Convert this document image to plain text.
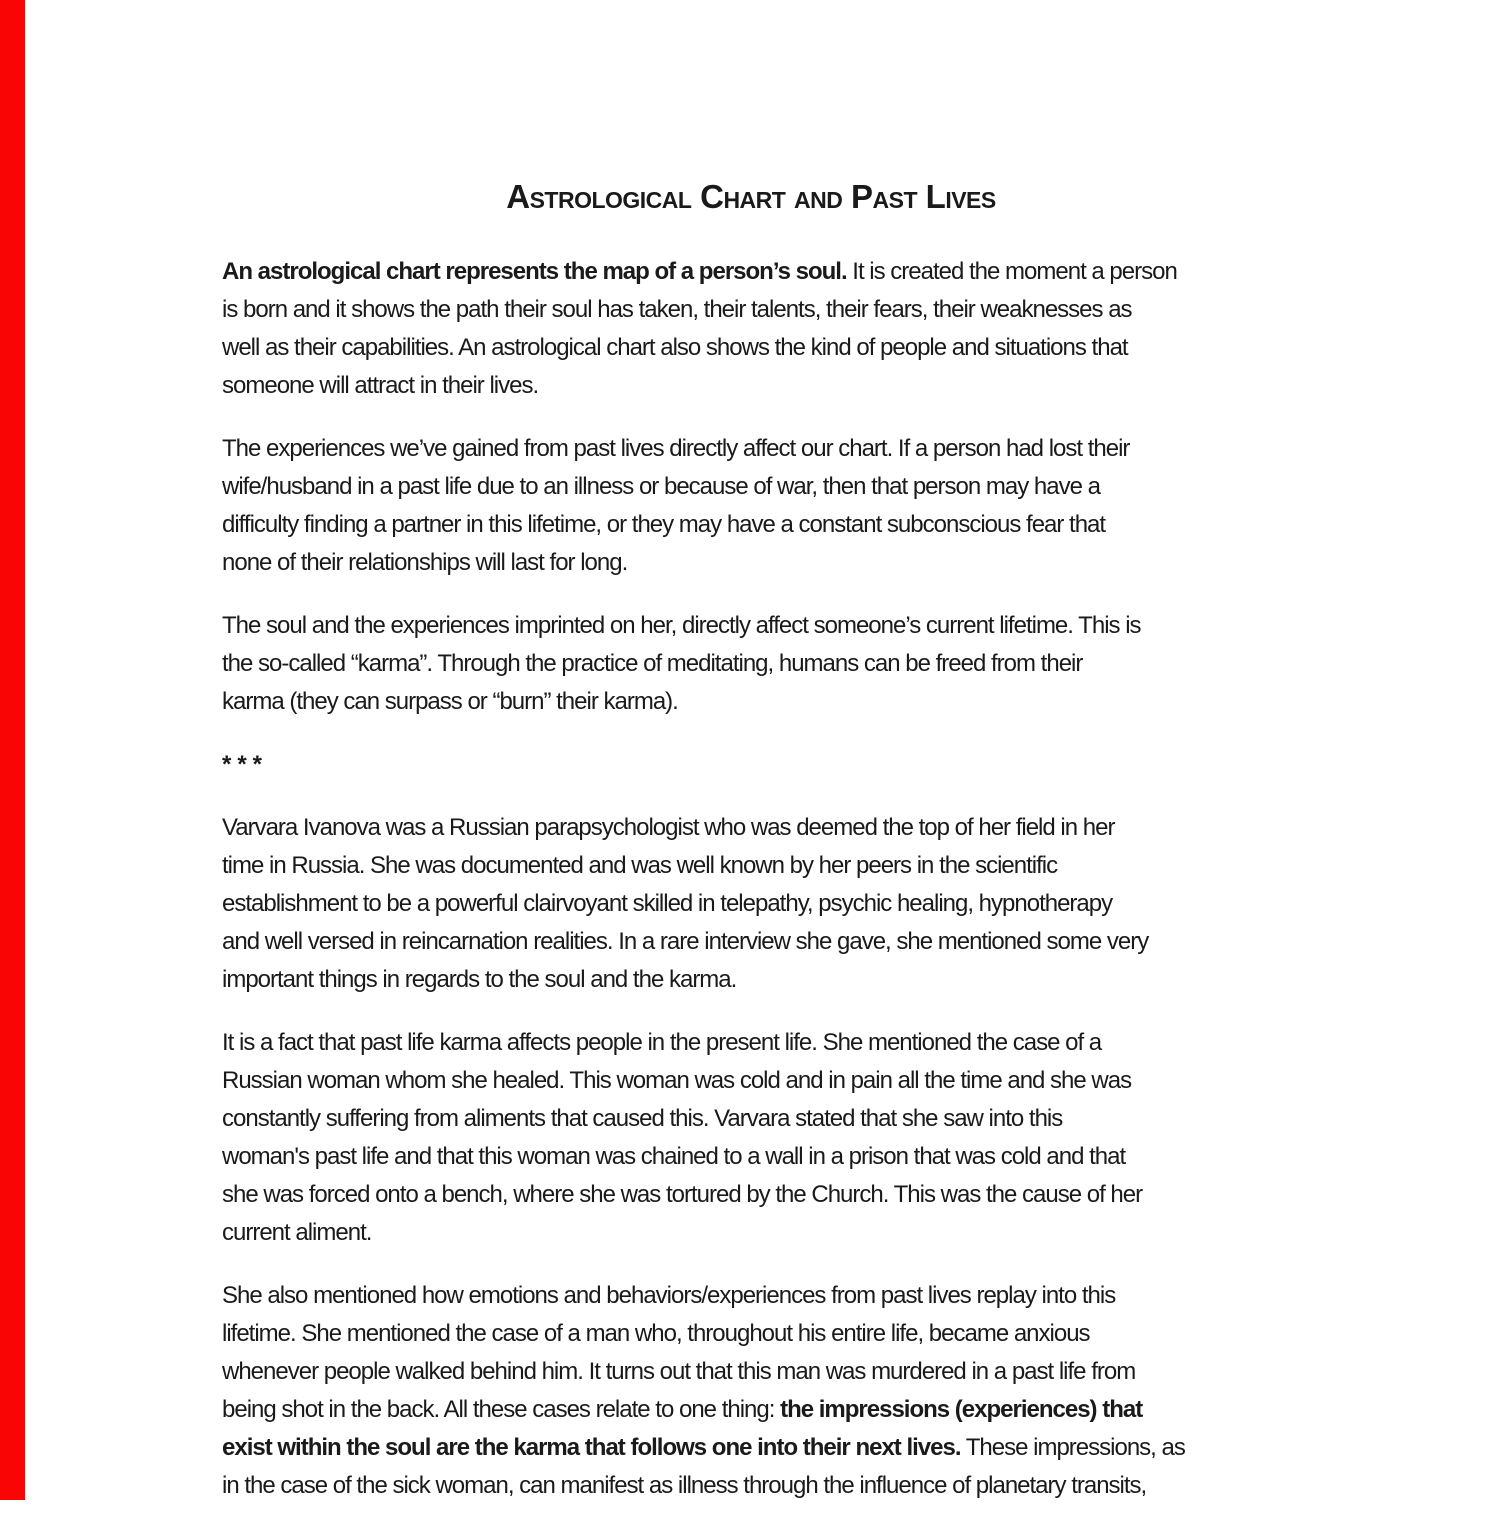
Astrological Chart and Past Lives
An astrological chart represents the map of a person’s soul. It is created the moment a person
is born and it shows the path their soul has taken, their talents, their fears, their weaknesses as
well as their capabilities. An astrological chart also shows the kind of people and situations that
someone will attract in their lives.
The experiences we’ve gained from past lives directly affect our chart. If a person had lost their
wife/husband in a past life due to an illness or because of war, then that person may have a
difficulty finding a partner in this lifetime, or they may have a constant subconscious fear that
none of their relationships will last for long.
The soul and the experiences imprinted on her, directly affect someone’s current lifetime. This is
the so-called “karma”. Through the practice of meditating, humans can be freed from their
karma (they can surpass or “burn” their karma).
***
Varvara Ivanova was a Russian parapsychologist who was deemed the top of her field in her
time in Russia. She was documented and was well known by her peers in the scientific
establishment to be a powerful clairvoyant skilled in telepathy, psychic healing, hypnotherapy
and well versed in reincarnation realities. In a rare interview she gave, she mentioned some very
important things in regards to the soul and the karma.
It is a fact that past life karma affects people in the present life. She mentioned the case of a
Russian woman whom she healed. This woman was cold and in pain all the time and she was
constantly suffering from aliments that caused this. Varvara stated that she saw into this
woman's past life and that this woman was chained to a wall in a prison that was cold and that
she was forced onto a bench, where she was tortured by the Church. This was the cause of her
current aliment.
She also mentioned how emotions and behaviors/experiences from past lives replay into this
lifetime. She mentioned the case of a man who, throughout his entire life, became anxious
whenever people walked behind him. It turns out that this man was murdered in a past life from
being shot in the back. All these cases relate to one thing: the impressions (experiences) that
exist within the soul are the karma that follows one into their next lives. These impressions, as
in the case of the sick woman, can manifest as illness through the influence of planetary transits,
